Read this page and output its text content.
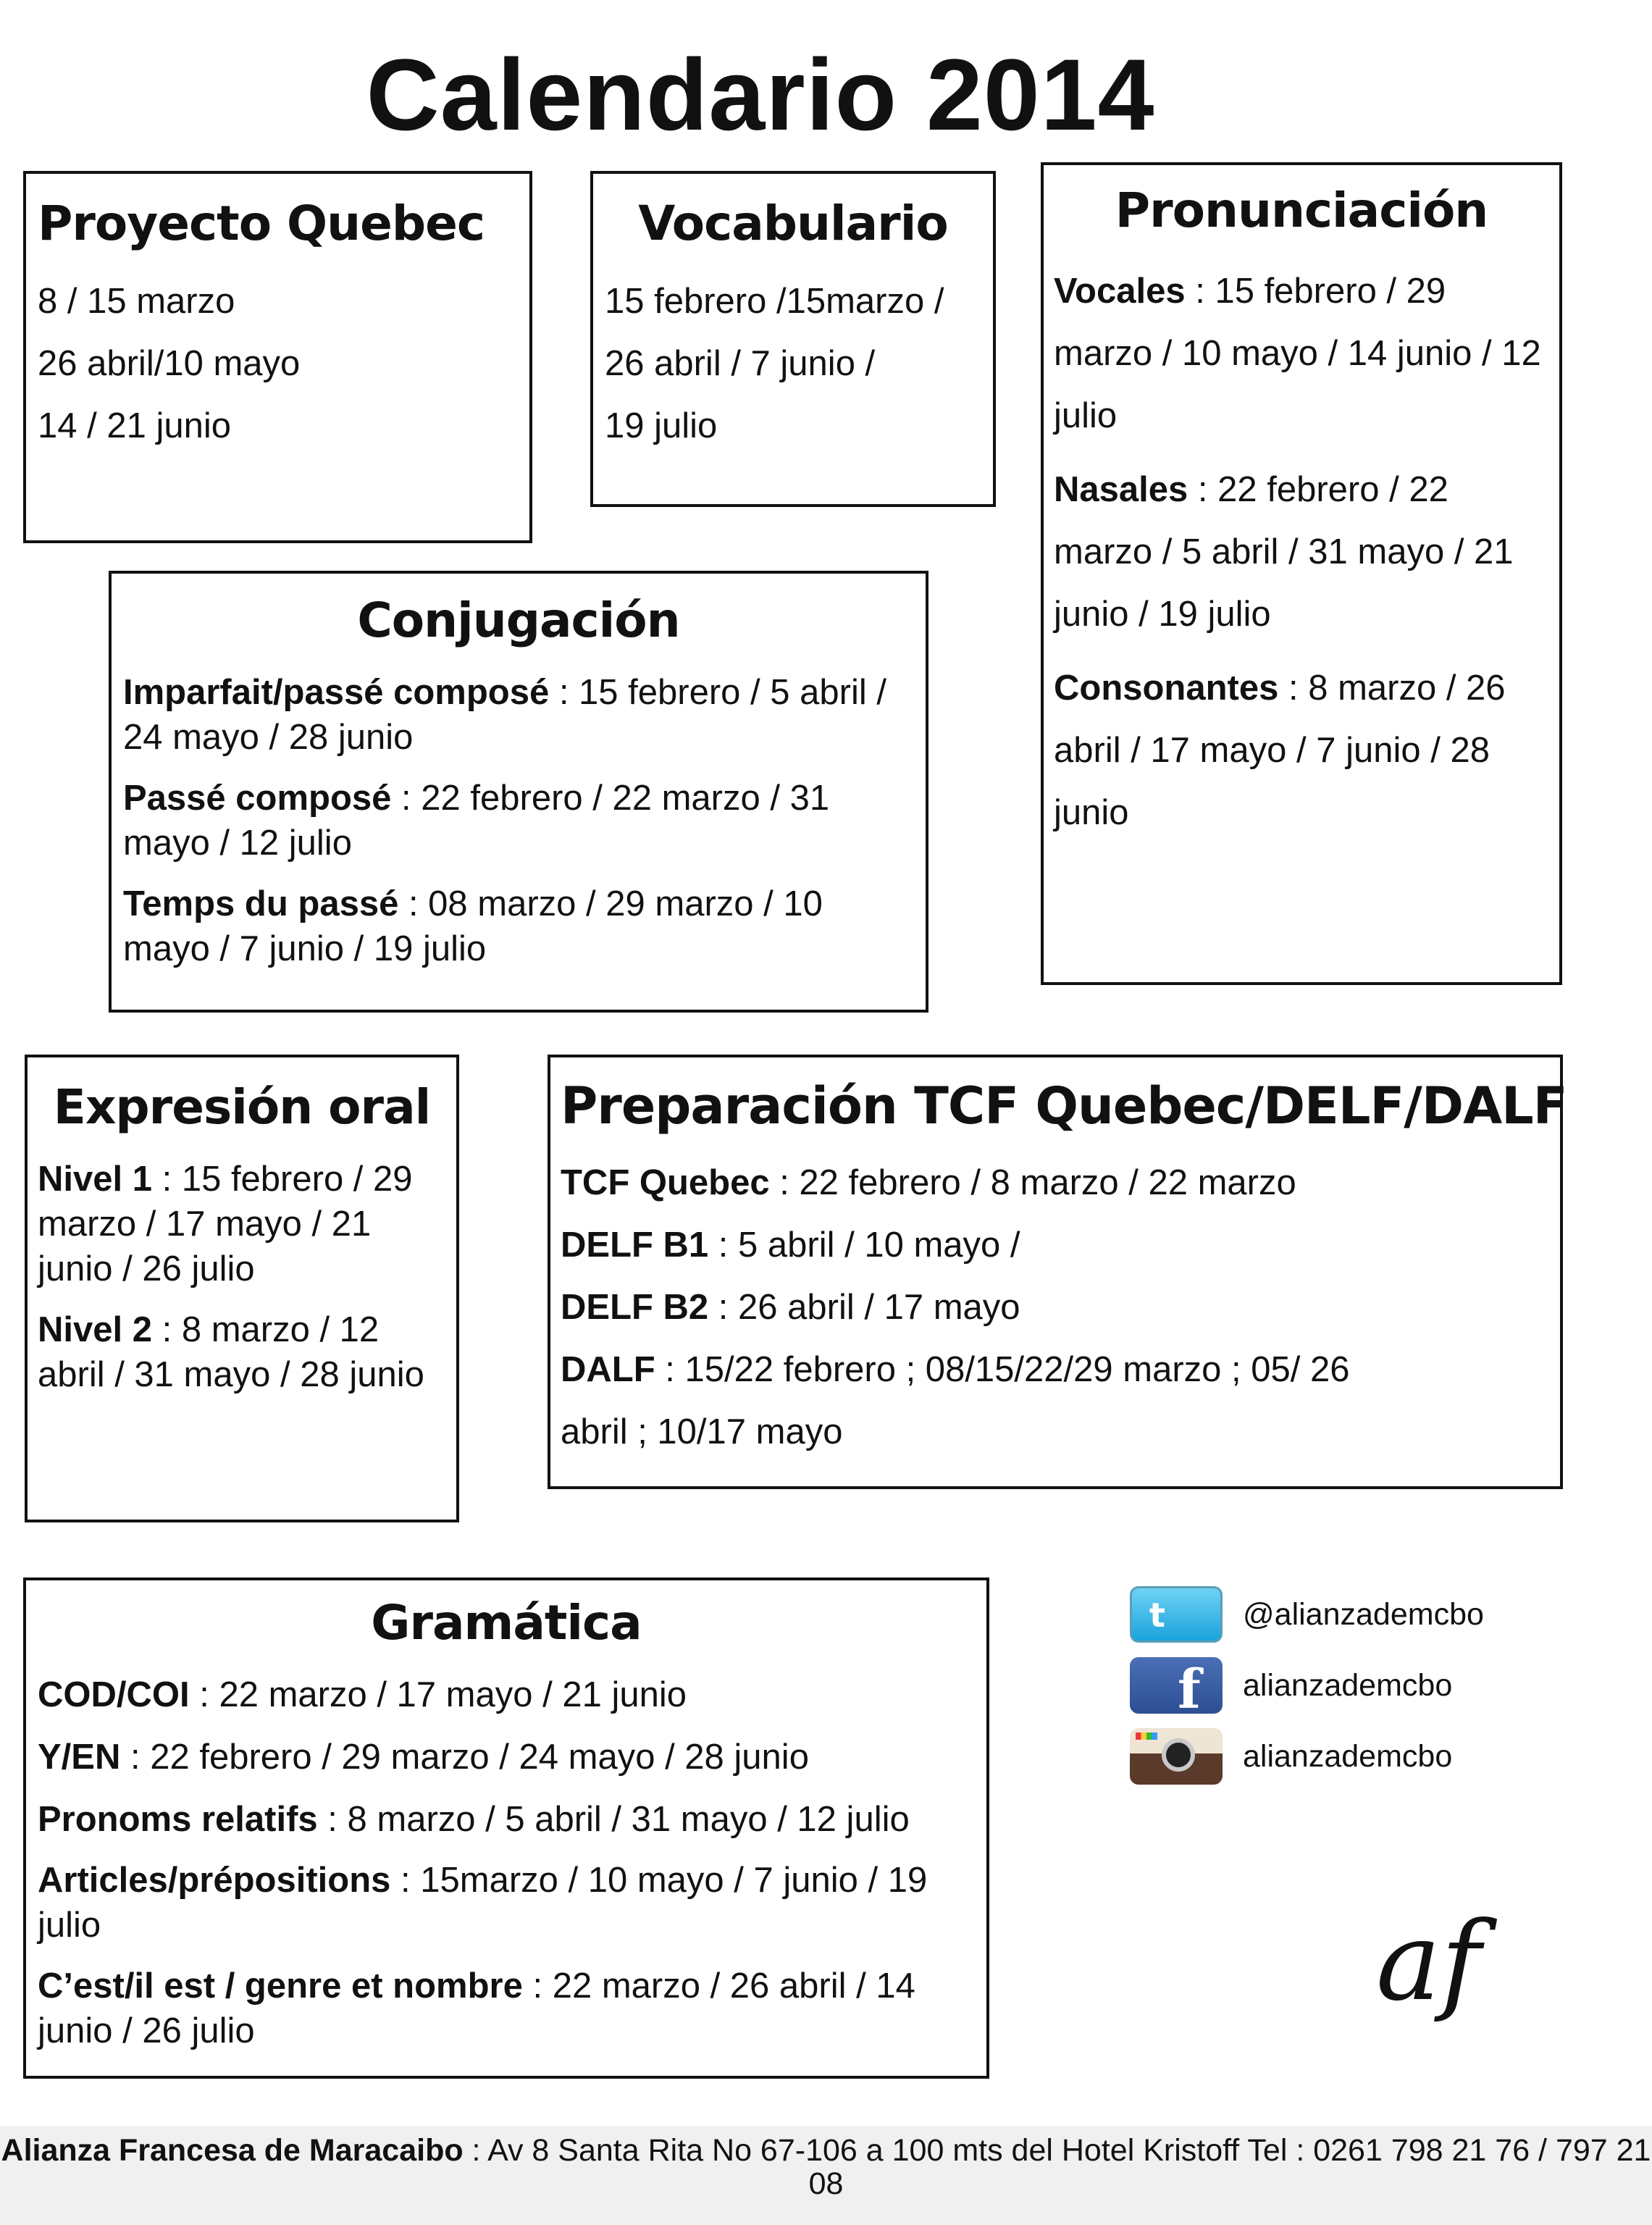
Calendario 2014
Proyecto Quebec
8 / 15 marzo
26 abril/10 mayo
14 / 21 junio
Vocabulario
15 febrero /15marzo /
26 abril / 7 junio /
19 julio
Pronunciación
Vocales : 15 febrero / 29 marzo / 10 mayo / 14 junio / 12 julio
Nasales : 22 febrero / 22 marzo / 5 abril / 31 mayo / 21 junio / 19 julio
Consonantes : 8 marzo / 26 abril / 17 mayo / 7 junio / 28 junio
Conjugación
Imparfait/passé composé : 15 febrero / 5 abril / 24 mayo / 28 junio
Passé composé : 22 febrero / 22 marzo / 31 mayo / 12 julio
Temps du passé : 08 marzo / 29 marzo / 10 mayo / 7 junio / 19 julio
Expresión oral
Nivel 1 : 15 febrero / 29 marzo / 17 mayo / 21 junio / 26 julio
Nivel 2 : 8 marzo / 12 abril / 31 mayo / 28 junio
Preparación TCF Quebec/DELF/DALF
TCF Quebec : 22 febrero / 8 marzo / 22 marzo
DELF B1 : 5 abril / 10 mayo /
DELF B2 : 26 abril / 17 mayo
DALF : 15/22 febrero ; 08/15/22/29 marzo ; 05/ 26 abril ; 10/17 mayo
Gramática
COD/COI : 22 marzo / 17 mayo / 21 junio
Y/EN : 22 febrero / 29 marzo / 24 mayo / 28 junio
Pronoms relatifs : 8 marzo / 5 abril / 31 mayo / 12 julio
Articles/prépositions : 15marzo / 10 mayo / 7 junio / 19 julio
C’est/il est / genre et nombre : 22 marzo / 26 abril / 14 junio / 26 julio
t @alianzademcbo
f alianzademcbo
alianzademcbo
af
Alianza Francesa de Maracaibo : Av 8 Santa Rita No 67-106 a 100 mts del Hotel Kristoff Tel : 0261 798 21 76 / 797 21 08
